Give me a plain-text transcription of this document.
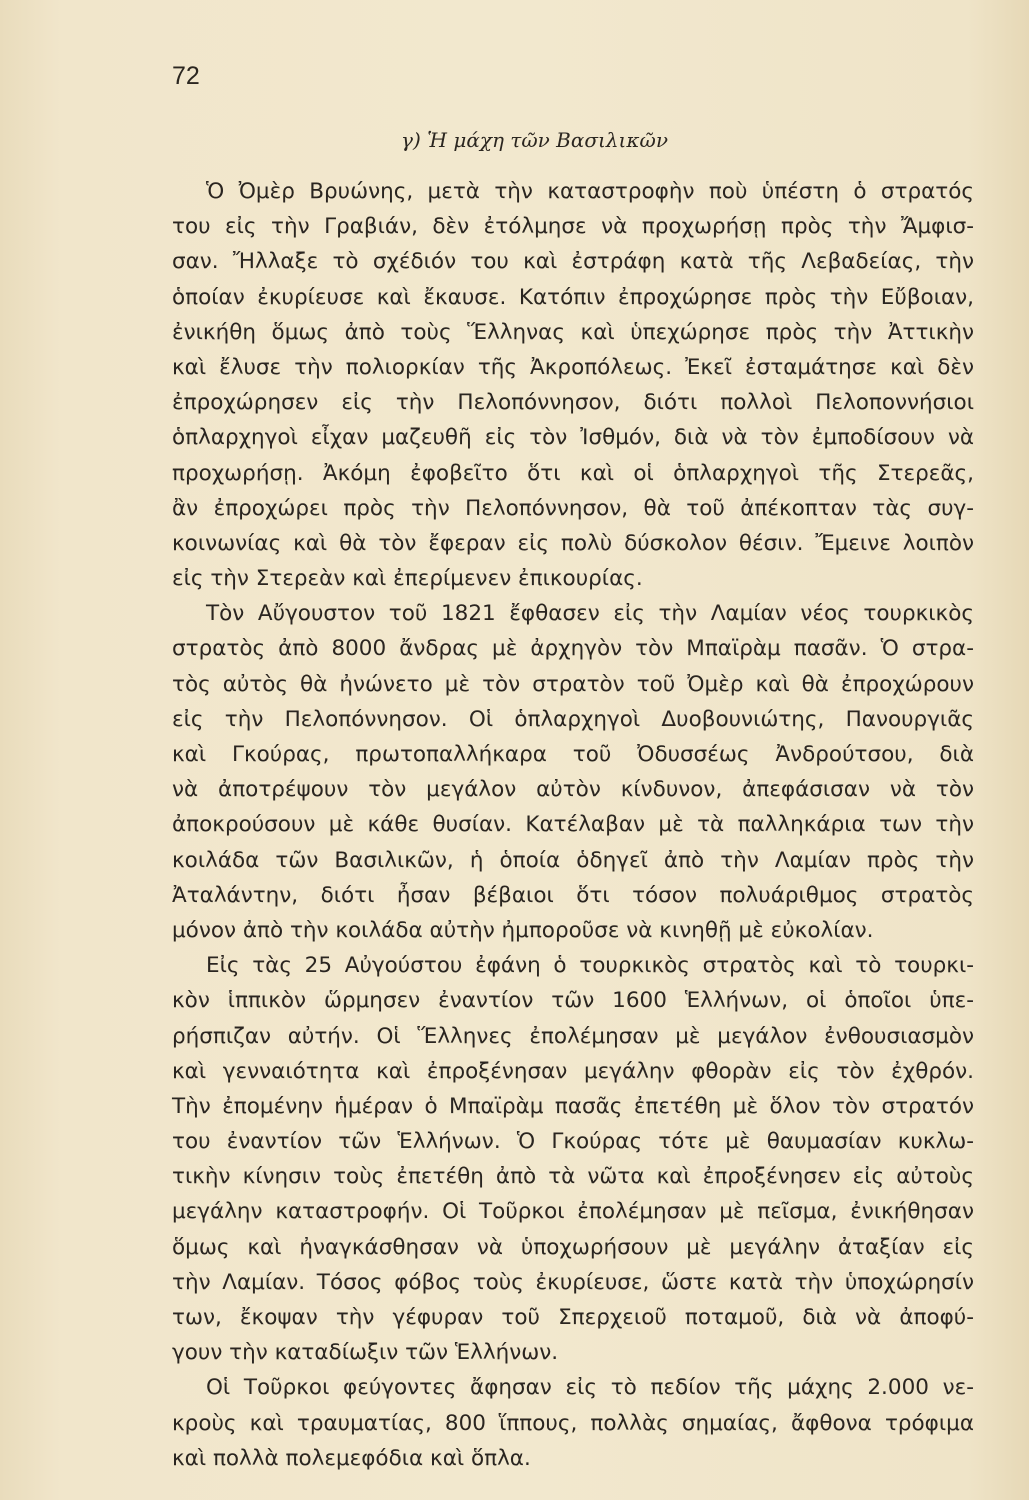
72
γ) Ἡ μάχη τῶν Βασιλικῶν
Ὁ Ὀμὲρ Βρυώνης, μετὰ τὴν καταστροφὴν ποὺ ὑπέστη ὁ στρατός
του εἰς τὴν Γραβιάν, δὲν ἐτόλμησε νὰ προχωρήσῃ πρὸς τὴν Ἄμφισ-
σαν. Ἤλλαξε τὸ σχέδιόν του καὶ ἐστράφη κατὰ τῆς Λεβαδείας, τὴν
ὁποίαν ἐκυρίευσε καὶ ἔκαυσε. Κατόπιν ἐπροχώρησε πρὸς τὴν Εὔβοιαν,
ἐνικήθη ὅμως ἀπὸ τοὺς Ἕλληνας καὶ ὑπεχώρησε πρὸς τὴν Ἀττικὴν
καὶ ἔλυσε τὴν πολιορκίαν τῆς Ἀκροπόλεως. Ἐκεῖ ἐσταμάτησε καὶ δὲν
ἐπροχώρησεν εἰς τὴν Πελοπόννησον, διότι πολλοὶ Πελοποννήσιοι
ὁπλαρχηγοὶ εἶχαν μαζευθῆ εἰς τὸν Ἰσθμόν, διὰ νὰ τὸν ἐμποδίσουν νὰ
προχωρήσῃ. Ἀκόμη ἐφοβεῖτο ὅτι καὶ οἱ ὁπλαρχηγοὶ τῆς Στερεᾶς,
ἂν ἐπροχώρει πρὸς τὴν Πελοπόννησον, θὰ τοῦ ἀπέκοπταν τὰς συγ-
κοινωνίας καὶ θὰ τὸν ἔφεραν εἰς πολὺ δύσκολον θέσιν. Ἔμεινε λοιπὸν
εἰς τὴν Στερεὰν καὶ ἐπερίμενεν ἐπικουρίας.
Τὸν Αὔγουστον τοῦ 1821 ἔφθασεν εἰς τὴν Λαμίαν νέος τουρκικὸς
στρατὸς ἀπὸ 8000 ἄνδρας μὲ ἀρχηγὸν τὸν Μπαϊρὰμ πασᾶν. Ὁ στρα-
τὸς αὐτὸς θὰ ἠνώνετο μὲ τὸν στρατὸν τοῦ Ὀμὲρ καὶ θὰ ἐπροχώρουν
εἰς τὴν Πελοπόννησον. Οἱ ὁπλαρχηγοὶ Δυοβουνιώτης, Πανουργιᾶς
καὶ Γκούρας, πρωτοπαλλήκαρα τοῦ Ὀδυσσέως Ἀνδρούτσου, διὰ
νὰ ἀποτρέψουν τὸν μεγάλον αὐτὸν κίνδυνον, ἀπεφάσισαν νὰ τὸν
ἀποκρούσουν μὲ κάθε θυσίαν. Κατέλαβαν μὲ τὰ παλληκάρια των τὴν
κοιλάδα τῶν Βασιλικῶν, ἡ ὁποία ὁδηγεῖ ἀπὸ τὴν Λαμίαν πρὸς τὴν
Ἀταλάντην, διότι ἦσαν βέβαιοι ὅτι τόσον πολυάριθμος στρατὸς
μόνον ἀπὸ τὴν κοιλάδα αὐτὴν ἠμποροῦσε νὰ κινηθῇ μὲ εὐκολίαν.
Εἰς τὰς 25 Αὐγούστου ἐφάνη ὁ τουρκικὸς στρατὸς καὶ τὸ τουρκι-
κὸν ἱππικὸν ὥρμησεν ἐναντίον τῶν 1600 Ἑλλήνων, οἱ ὁποῖοι ὑπε-
ρήσπιζαν αὐτήν. Οἱ Ἕλληνες ἐπολέμησαν μὲ μεγάλον ἐνθουσιασμὸν
καὶ γενναιότητα καὶ ἐπροξένησαν μεγάλην φθορὰν εἰς τὸν ἐχθρόν.
Τὴν ἐπομένην ἡμέραν ὁ Μπαϊρὰμ πασᾶς ἐπετέθη μὲ ὅλον τὸν στρατόν
του ἐναντίον τῶν Ἑλλήνων. Ὁ Γκούρας τότε μὲ θαυμασίαν κυκλω-
τικὴν κίνησιν τοὺς ἐπετέθη ἀπὸ τὰ νῶτα καὶ ἐπροξένησεν εἰς αὐτοὺς
μεγάλην καταστροφήν. Οἱ Τοῦρκοι ἐπολέμησαν μὲ πεῖσμα, ἐνικήθησαν
ὅμως καὶ ἠναγκάσθησαν νὰ ὑποχωρήσουν μὲ μεγάλην ἀταξίαν εἰς
τὴν Λαμίαν. Τόσος φόβος τοὺς ἐκυρίευσε, ὥστε κατὰ τὴν ὑποχώρησίν
των, ἔκοψαν τὴν γέφυραν τοῦ Σπερχειοῦ ποταμοῦ, διὰ νὰ ἀποφύ-
γουν τὴν καταδίωξιν τῶν Ἑλλήνων.
Οἱ Τοῦρκοι φεύγοντες ἄφησαν εἰς τὸ πεδίον τῆς μάχης 2.000 νε-
κροὺς καὶ τραυματίας, 800 ἵππους, πολλὰς σημαίας, ἄφθονα τρόφιμα
καὶ πολλὰ πολεμεφόδια καὶ ὅπλα.
